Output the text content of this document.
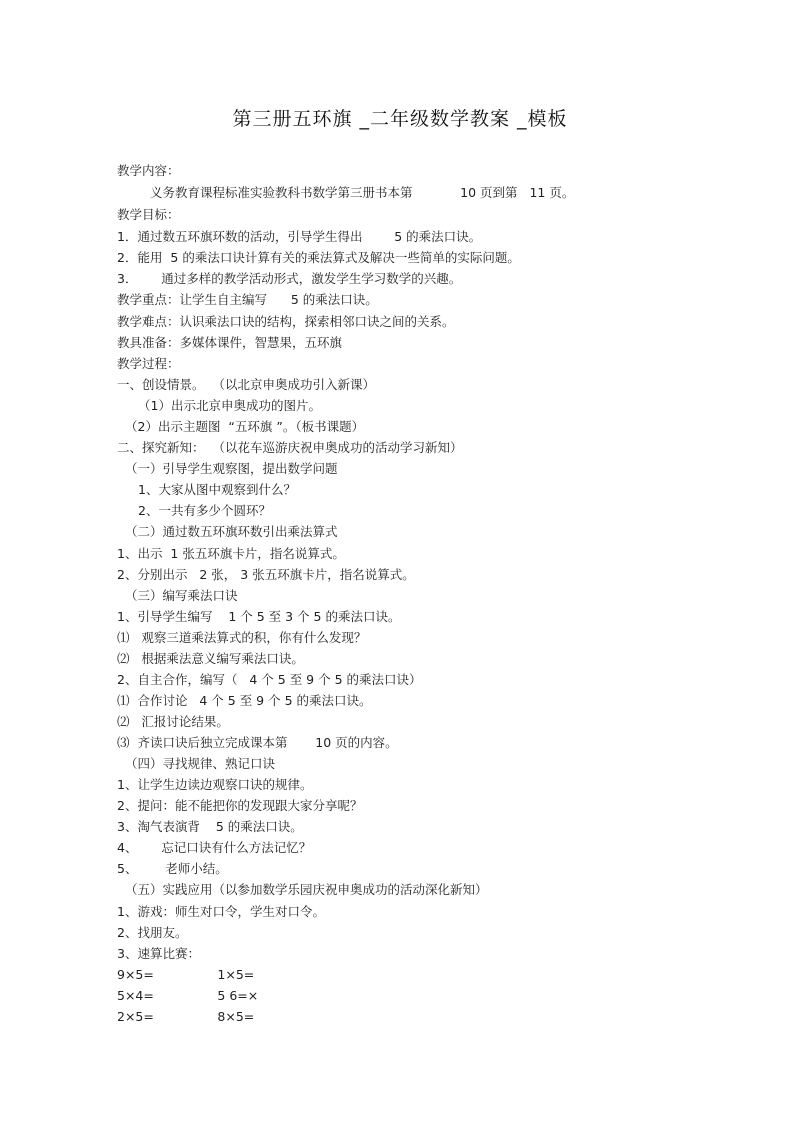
第三册五环旗 _二年级数学教案 _模板
教学内容：
义务教育课程标准实验教科书数学第三册书本第            10 页到第   11 页。
教学目标：
1．通过数五环旗环数的活动，引导学生得出        5 的乘法口诀。
2．能用  5 的乘法口诀计算有关的乘法算式及解决一些简单的实际问题。
3．      通过多样的教学活动形式，激发学生学习数学的兴趣。
教学重点：让学生自主编写      5 的乘法口诀。
教学难点：认识乘法口诀的结构，探索相邻口诀之间的关系。
教具准备：多媒体课件，智慧果，五环旗
教学过程：
一、创设情景。  （以北京申奥成功引入新课）
（1）出示北京申奥成功的图片。
（2）出示主题图  “五环旗 ”。（板书课题）
二、探究新知：  （以花车巡游庆祝申奥成功的活动学习新知）
（一）引导学生观察图，提出数学问题
1、大家从图中观察到什么？
2、一共有多少个圆环？
（二）通过数五环旗环数引出乘法算式
1、出示  1 张五环旗卡片，指名说算式。
2、分别出示   2 张， 3 张五环旗卡片，指名说算式。
（三）编写乘法口诀
1、引导学生编写    1 个 5 至 3 个 5 的乘法口诀。
⑴   观察三道乘法算式的积，你有什么发现？
⑵   根据乘法意义编写乘法口诀。
2、自主合作，编写（   4 个 5 至 9 个 5 的乘法口诀）
⑴  合作讨论   4 个 5 至 9 个 5 的乘法口诀。
⑵   汇报讨论结果。
⑶  齐读口诀后独立完成课本第       10 页的内容。
（四）寻找规律、熟记口诀
1、让学生边读边观察口诀的规律。
2、提问：能不能把你的发现跟大家分享呢？
3、淘气表演背    5 的乘法口诀。
4、      忘记口诀有什么方法记忆？
5、       老师小结。
（五）实践应用（以参加数学乐园庆祝申奥成功的活动深化新知）
1、游戏：师生对口令，学生对口令。
2、找朋友。
3、速算比赛：
9×5=                1×5=
5×4=                5 6=×
2×5=                8×5=
